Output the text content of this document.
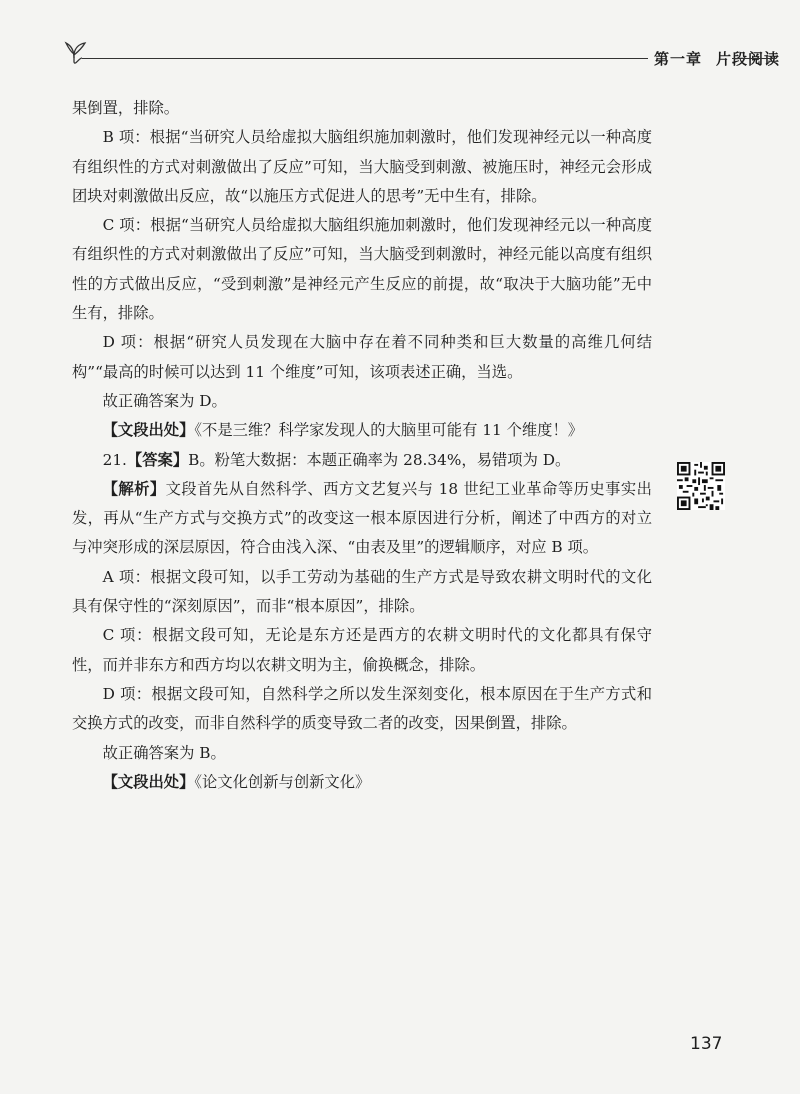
第一章 片段阅读

果倒置，排除。

B 项：根据“当研究人员给虚拟大脑组织施加刺激时，他们发现神经元以一种高度有组织性的方式对刺激做出了反应”可知，当大脑受到刺激、被施压时，神经元会形成团块对刺激做出反应，故“以施压方式促进人的思考”无中生有，排除。

C 项：根据“当研究人员给虚拟大脑组织施加刺激时，他们发现神经元以一种高度有组织性的方式对刺激做出了反应”可知，当大脑受到刺激时，神经元能以高度有组织性的方式做出反应，“受到刺激”是神经元产生反应的前提，故“取决于大脑功能”无中生有，排除。

D 项：根据“研究人员发现在大脑中存在着不同种类和巨大数量的高维几何结构”“最高的时候可以达到 11 个维度”可知，该项表述正确，当选。

故正确答案为 D。

【文段出处】《不是三维？科学家发现人的大脑里可能有 11 个维度！》

21.【答案】B。粉笔大数据：本题正确率为 28.34%，易错项为 D。

【解析】文段首先从自然科学、西方文艺复兴与 18 世纪工业革命等历史事实出发，再从“生产方式与交换方式”的改变这一根本原因进行分析，阐述了中西方的对立与冲突形成的深层原因，符合由浅入深、“由表及里”的逻辑顺序，对应 B 项。

A 项：根据文段可知，以手工劳动为基础的生产方式是导致农耕文明时代的文化具有保守性的“深刻原因”，而非“根本原因”，排除。

C 项：根据文段可知，无论是东方还是西方的农耕文明时代的文化都具有保守性，而并非东方和西方均以农耕文明为主，偷换概念，排除。

D 项：根据文段可知，自然科学之所以发生深刻变化，根本原因在于生产方式和交换方式的改变，而非自然科学的质变导致二者的改变，因果倒置，排除。

故正确答案为 B。

【文段出处】《论文化创新与创新文化》

137
